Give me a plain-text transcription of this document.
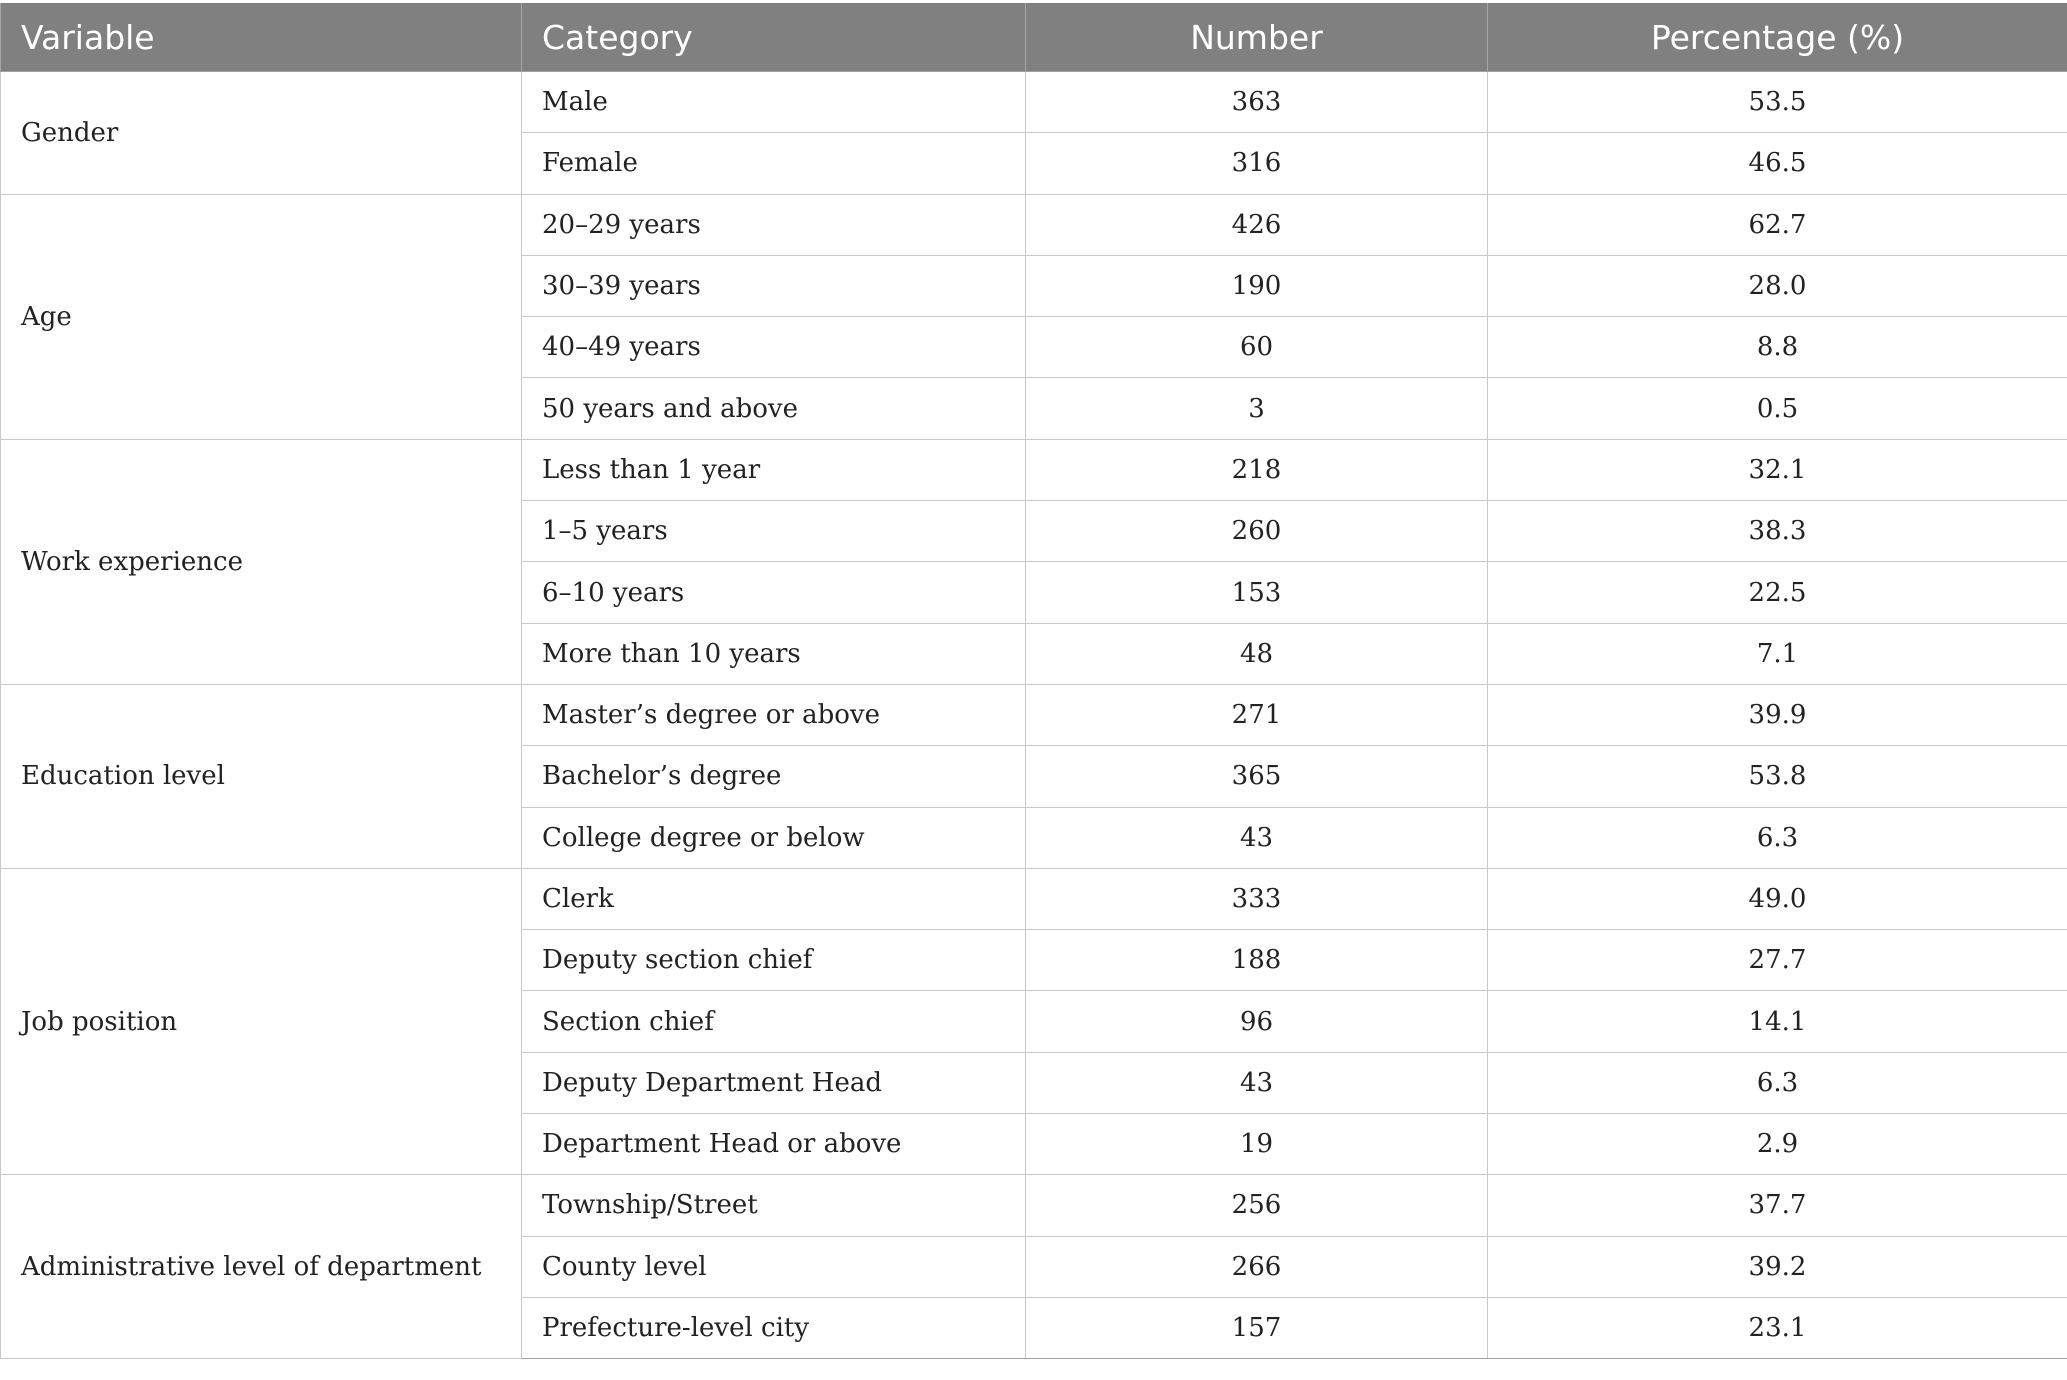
Variable	Category	Number	Percentage (%)
Gender	Male	363	53.5
	Female	316	46.5
Age	20–29 years	426	62.7
	30–39 years	190	28.0
	40–49 years	60	8.8
	50 years and above	3	0.5
Work experience	Less than 1 year	218	32.1
	1–5 years	260	38.3
	6–10 years	153	22.5
	More than 10 years	48	7.1
Education level	Master’s degree or above	271	39.9
	Bachelor’s degree	365	53.8
	College degree or below	43	6.3
Job position	Clerk	333	49.0
	Deputy section chief	188	27.7
	Section chief	96	14.1
	Deputy Department Head	43	6.3
	Department Head or above	19	2.9
Administrative level of department	Township/Street	256	37.7
	County level	266	39.2
	Prefecture-level city	157	23.1
